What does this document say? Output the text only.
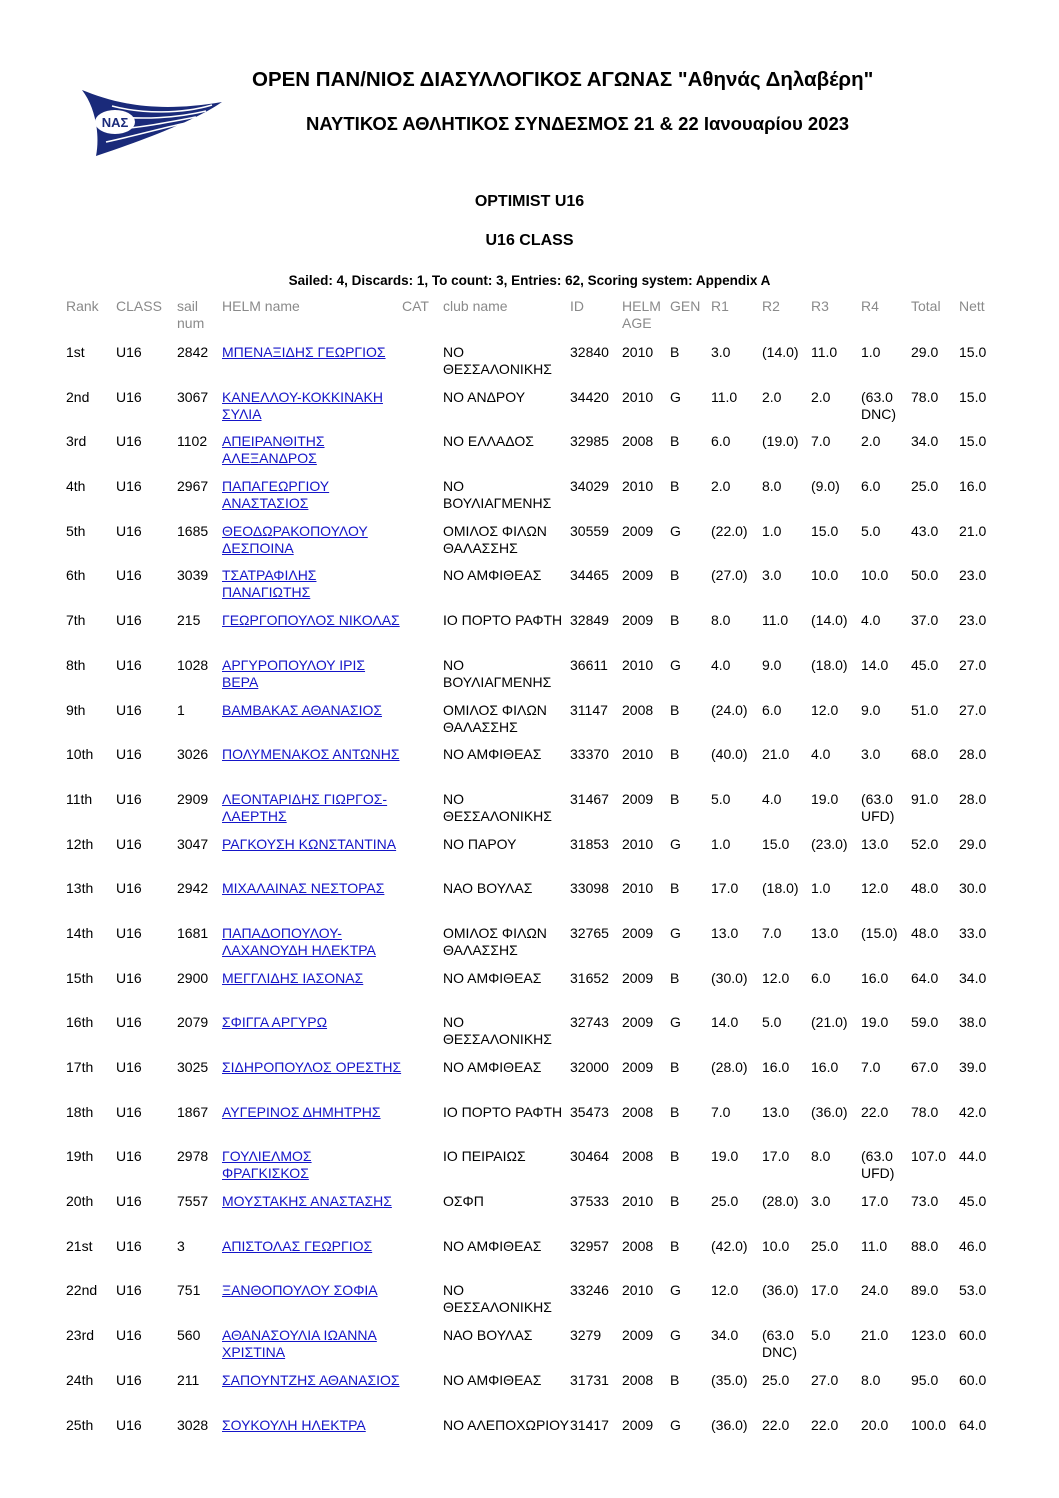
ΝΑΣ
OPEN ΠΑΝ/ΝΙΟΣ ΔΙΑΣΥΛΛΟΓΙΚΟΣ ΑΓΩΝΑΣ "Αθηνάς Δηλαβέρη"
ΝΑΥΤΙΚΟΣ ΑΘΛΗΤΙΚΟΣ ΣΥΝΔΕΣΜΟΣ 21 & 22 Ιανουαρίου 2023
OPTIMIST U16
U16 CLASS
Sailed: 4, Discards: 1, To count: 3, Entries: 62, Scoring system: Appendix A
Rank	CLASS	sail num	HELM name	CAT	club name	ID	HELM AGE	GEN	R1	R2	R3	R4	Total	Nett
1st	U16	2842	ΜΠΕΝΑΞΙΔΗΣ ΓΕΩΡΓΙΟΣ		ΝΟ ΘΕΣΣΑΛΟΝΙΚΗΣ	32840	2010	B	3.0	(14.0)	11.0	1.0	29.0	15.0
2nd	U16	3067	ΚΑΝΕΛΛΟΥ-ΚΟΚΚΙΝΑΚΗ ΣΥΛΙΑ		ΝΟ ΑΝΔΡΟΥ	34420	2010	G	11.0	2.0	2.0	(63.0 DNC)	78.0	15.0
3rd	U16	1102	ΑΠΕΙΡΑΝΘΙΤΗΣ ΑΛΕΞΑΝΔΡΟΣ		ΝΟ ΕΛΛΑΔΟΣ	32985	2008	B	6.0	(19.0)	7.0	2.0	34.0	15.0
4th	U16	2967	ΠΑΠΑΓΕΩΡΓΙΟΥ ΑΝΑΣΤΑΣΙΟΣ		ΝΟ ΒΟΥΛΙΑΓΜΕΝΗΣ	34029	2010	B	2.0	8.0	(9.0)	6.0	25.0	16.0
5th	U16	1685	ΘΕΟΔΩΡΑΚΟΠΟΥΛΟΥ ΔΕΣΠΟΙΝΑ		ΟΜΙΛΟΣ ΦΙΛΩΝ ΘΑΛΑΣΣΗΣ	30559	2009	G	(22.0)	1.0	15.0	5.0	43.0	21.0
6th	U16	3039	ΤΣΑΤΡΑΦΙΛΗΣ ΠΑΝΑΓΙΩΤΗΣ		ΝΟ ΑΜΦΙΘΕΑΣ	34465	2009	B	(27.0)	3.0	10.0	10.0	50.0	23.0
7th	U16	215	ΓΕΩΡΓΟΠΟΥΛΟΣ ΝΙΚΟΛΑΣ		ΙΟ ΠΟΡΤΟ ΡΑΦΤΗ	32849	2009	B	8.0	11.0	(14.0)	4.0	37.0	23.0
8th	U16	1028	ΑΡΓΥΡΟΠΟΥΛΟΥ ΙΡΙΣ ΒΕΡΑ		ΝΟ ΒΟΥΛΙΑΓΜΕΝΗΣ	36611	2010	G	4.0	9.0	(18.0)	14.0	45.0	27.0
9th	U16	1	ΒΑΜΒΑΚΑΣ ΑΘΑΝΑΣΙΟΣ		ΟΜΙΛΟΣ ΦΙΛΩΝ ΘΑΛΑΣΣΗΣ	31147	2008	B	(24.0)	6.0	12.0	9.0	51.0	27.0
10th	U16	3026	ΠΟΛΥΜΕΝΑΚΟΣ ΑΝΤΩΝΗΣ		ΝΟ ΑΜΦΙΘΕΑΣ	33370	2010	B	(40.0)	21.0	4.0	3.0	68.0	28.0
11th	U16	2909	ΛΕΟΝΤΑΡΙΔΗΣ ΓΙΩΡΓΟΣ-ΛΑΕΡΤΗΣ		ΝΟ ΘΕΣΣΑΛΟΝΙΚΗΣ	31467	2009	B	5.0	4.0	19.0	(63.0 UFD)	91.0	28.0
12th	U16	3047	ΡΑΓΚΟΥΣΗ ΚΩΝΣΤΑΝΤΙΝΑ		ΝΟ ΠΑΡΟΥ	31853	2010	G	1.0	15.0	(23.0)	13.0	52.0	29.0
13th	U16	2942	ΜΙΧΑΛΑΙΝΑΣ ΝΕΣΤΟΡΑΣ		ΝΑΟ ΒΟΥΛΑΣ	33098	2010	B	17.0	(18.0)	1.0	12.0	48.0	30.0
14th	U16	1681	ΠΑΠΑΔΟΠΟΥΛΟΥ-ΛΑΧΑΝΟΥΔΗ ΗΛΕΚΤΡΑ		ΟΜΙΛΟΣ ΦΙΛΩΝ ΘΑΛΑΣΣΗΣ	32765	2009	G	13.0	7.0	13.0	(15.0)	48.0	33.0
15th	U16	2900	ΜΕΓΓΛΙΔΗΣ ΙΑΣΟΝΑΣ		ΝΟ ΑΜΦΙΘΕΑΣ	31652	2009	B	(30.0)	12.0	6.0	16.0	64.0	34.0
16th	U16	2079	ΣΦΙΓΓΑ ΑΡΓΥΡΩ		ΝΟ ΘΕΣΣΑΛΟΝΙΚΗΣ	32743	2009	G	14.0	5.0	(21.0)	19.0	59.0	38.0
17th	U16	3025	ΣΙΔΗΡΟΠΟΥΛΟΣ ΟΡΕΣΤΗΣ		ΝΟ ΑΜΦΙΘΕΑΣ	32000	2009	B	(28.0)	16.0	16.0	7.0	67.0	39.0
18th	U16	1867	ΑΥΓΕΡΙΝΟΣ ΔΗΜΗΤΡΗΣ		ΙΟ ΠΟΡΤΟ ΡΑΦΤΗ	35473	2008	B	7.0	13.0	(36.0)	22.0	78.0	42.0
19th	U16	2978	ΓΟΥΛΙΕΛΜΟΣ ΦΡΑΓΚΙΣΚΟΣ		ΙΟ ΠΕΙΡΑΙΩΣ	30464	2008	B	19.0	17.0	8.0	(63.0 UFD)	107.0	44.0
20th	U16	7557	ΜΟΥΣΤΑΚΗΣ ΑΝΑΣΤΑΣΗΣ		ΟΣΦΠ	37533	2010	B	25.0	(28.0)	3.0	17.0	73.0	45.0
21st	U16	3	ΑΠΙΣΤΟΛΑΣ ΓΕΩΡΓΙΟΣ		ΝΟ ΑΜΦΙΘΕΑΣ	32957	2008	B	(42.0)	10.0	25.0	11.0	88.0	46.0
22nd	U16	751	ΞΑΝΘΟΠΟΥΛΟΥ ΣΟΦΙΑ		ΝΟ ΘΕΣΣΑΛΟΝΙΚΗΣ	33246	2010	G	12.0	(36.0)	17.0	24.0	89.0	53.0
23rd	U16	560	ΑΘΑΝΑΣΟΥΛΙΑ ΙΩΑΝΝΑ ΧΡΙΣΤΙΝΑ		ΝΑΟ ΒΟΥΛΑΣ	3279	2009	G	34.0	(63.0 DNC)	5.0	21.0	123.0	60.0
24th	U16	211	ΣΑΠΟΥΝΤΖΗΣ ΑΘΑΝΑΣΙΟΣ		ΝΟ ΑΜΦΙΘΕΑΣ	31731	2008	B	(35.0)	25.0	27.0	8.0	95.0	60.0
25th	U16	3028	ΣΟΥΚΟΥΛΗ ΗΛΕΚΤΡΑ		ΝΟ ΑΛΕΠΟΧΩΡΙΟΥ	31417	2009	G	(36.0)	22.0	22.0	20.0	100.0	64.0
